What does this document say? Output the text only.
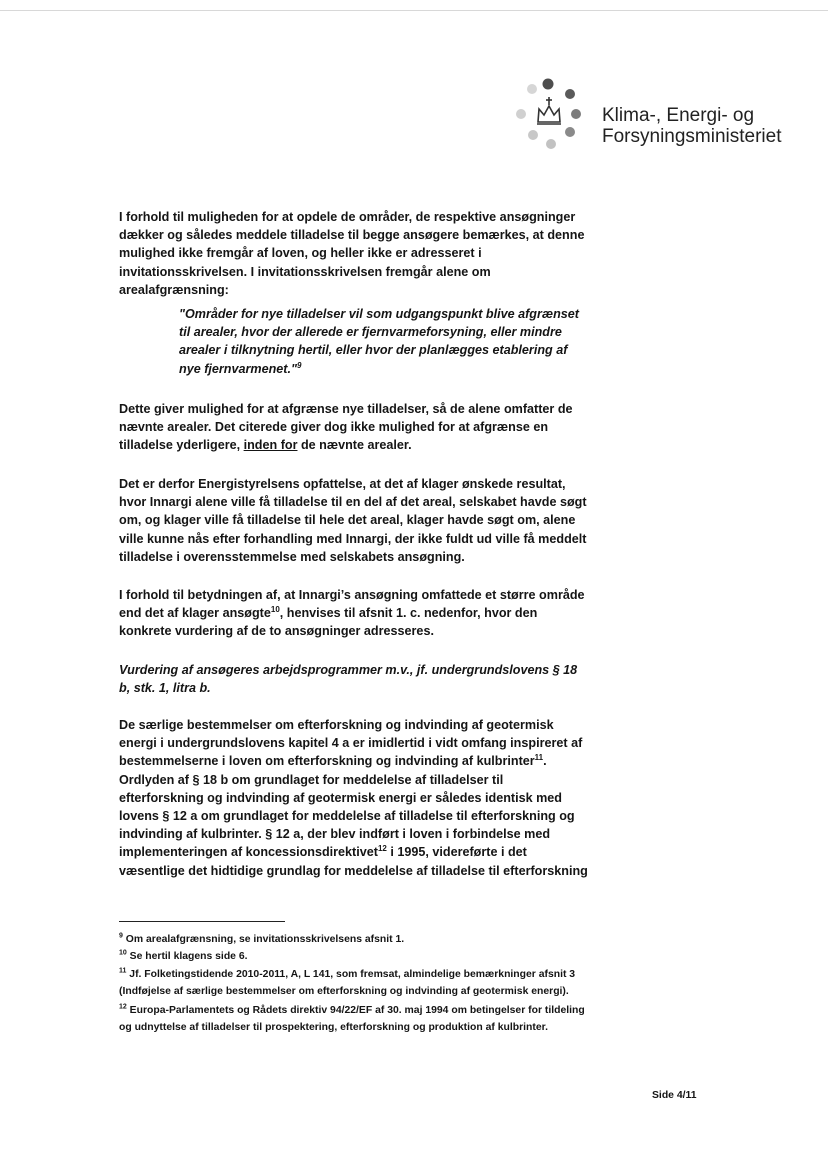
Klima-, Energi- og
Forsyningsministeriet

I forhold til muligheden for at opdele de områder, de respektive ansøgninger dækker og således meddele tilladelse til begge ansøgere bemærkes, at denne mulighed ikke fremgår af loven, og heller ikke er adresseret i invitationsskrivelsen. I invitationsskrivelsen fremgår alene om arealafgrænsning:

"Områder for nye tilladelser vil som udgangspunkt blive afgrænset til arealer, hvor der allerede er fjernvarmeforsyning, eller mindre arealer i tilknytning hertil, eller hvor der planlægges etablering af nye fjernvarmenet."$^9$

Dette giver mulighed for at afgrænse nye tilladelser, så de alene omfatter de nævnte arealer. Det citerede giver dog ikke mulighed for at afgrænse en tilladelse yderligere, inden for de nævnte arealer.

Det er derfor Energistyrelsens opfattelse, at det af klager ønskede resultat, hvor Innargi alene ville få tilladelse til en del af det areal, selskabet havde søgt om, og klager ville få tilladelse til hele det areal, klager havde søgt om, alene ville kunne nås efter forhandling med Innargi, der ikke fuldt ud ville få meddelt tilladelse i overensstemmelse med selskabets ansøgning.

I forhold til betydningen af, at Innargi’s ansøgning omfattede et større område end det af klager ansøgte$^{10}$, henvises til afsnit 1. c. nedenfor, hvor den konkrete vurdering af de to ansøgninger adresseres.

Vurdering af ansøgeres arbejdsprogrammer m.v., jf. undergrundslovens § 18 b, stk. 1, litra b.

De særlige bestemmelser om efterforskning og indvinding af geotermisk energi i undergrundslovens kapitel 4 a er imidlertid i vidt omfang inspireret af bestemmelserne i loven om efterforskning og indvinding af kulbrinter$^{11}$. Ordlyden af § 18 b om grundlaget for meddelelse af tilladelser til efterforskning og indvinding af geotermisk energi er således identisk med lovens § 12 a om grundlaget for meddelelse af tilladelse til efterforskning og indvinding af kulbrinter. § 12 a, der blev indført i loven i forbindelse med implementeringen af koncessionsdirektivet$^{12}$ i 1995, videreførte i det væsentlige det hidtidige grundlag for meddelelse af tilladelse til efterforskning

$^9$ Om arealafgrænsning, se invitationsskrivelsens afsnit 1.

$^{10}$ Se hertil klagens side 6.

$^{11}$ Jf. Folketingstidende 2010-2011, A, L 141, som fremsat, almindelige bemærkninger afsnit 3 (Indføjelse af særlige bestemmelser om efterforskning og indvinding af geotermisk energi).

$^{12}$ Europa-Parlamentets og Rådets direktiv 94/22/EF af 30. maj 1994 om betingelser for tildeling og udnyttelse af tilladelser til prospektering, efterforskning og produktion af kulbrinter.

Side 4/11
